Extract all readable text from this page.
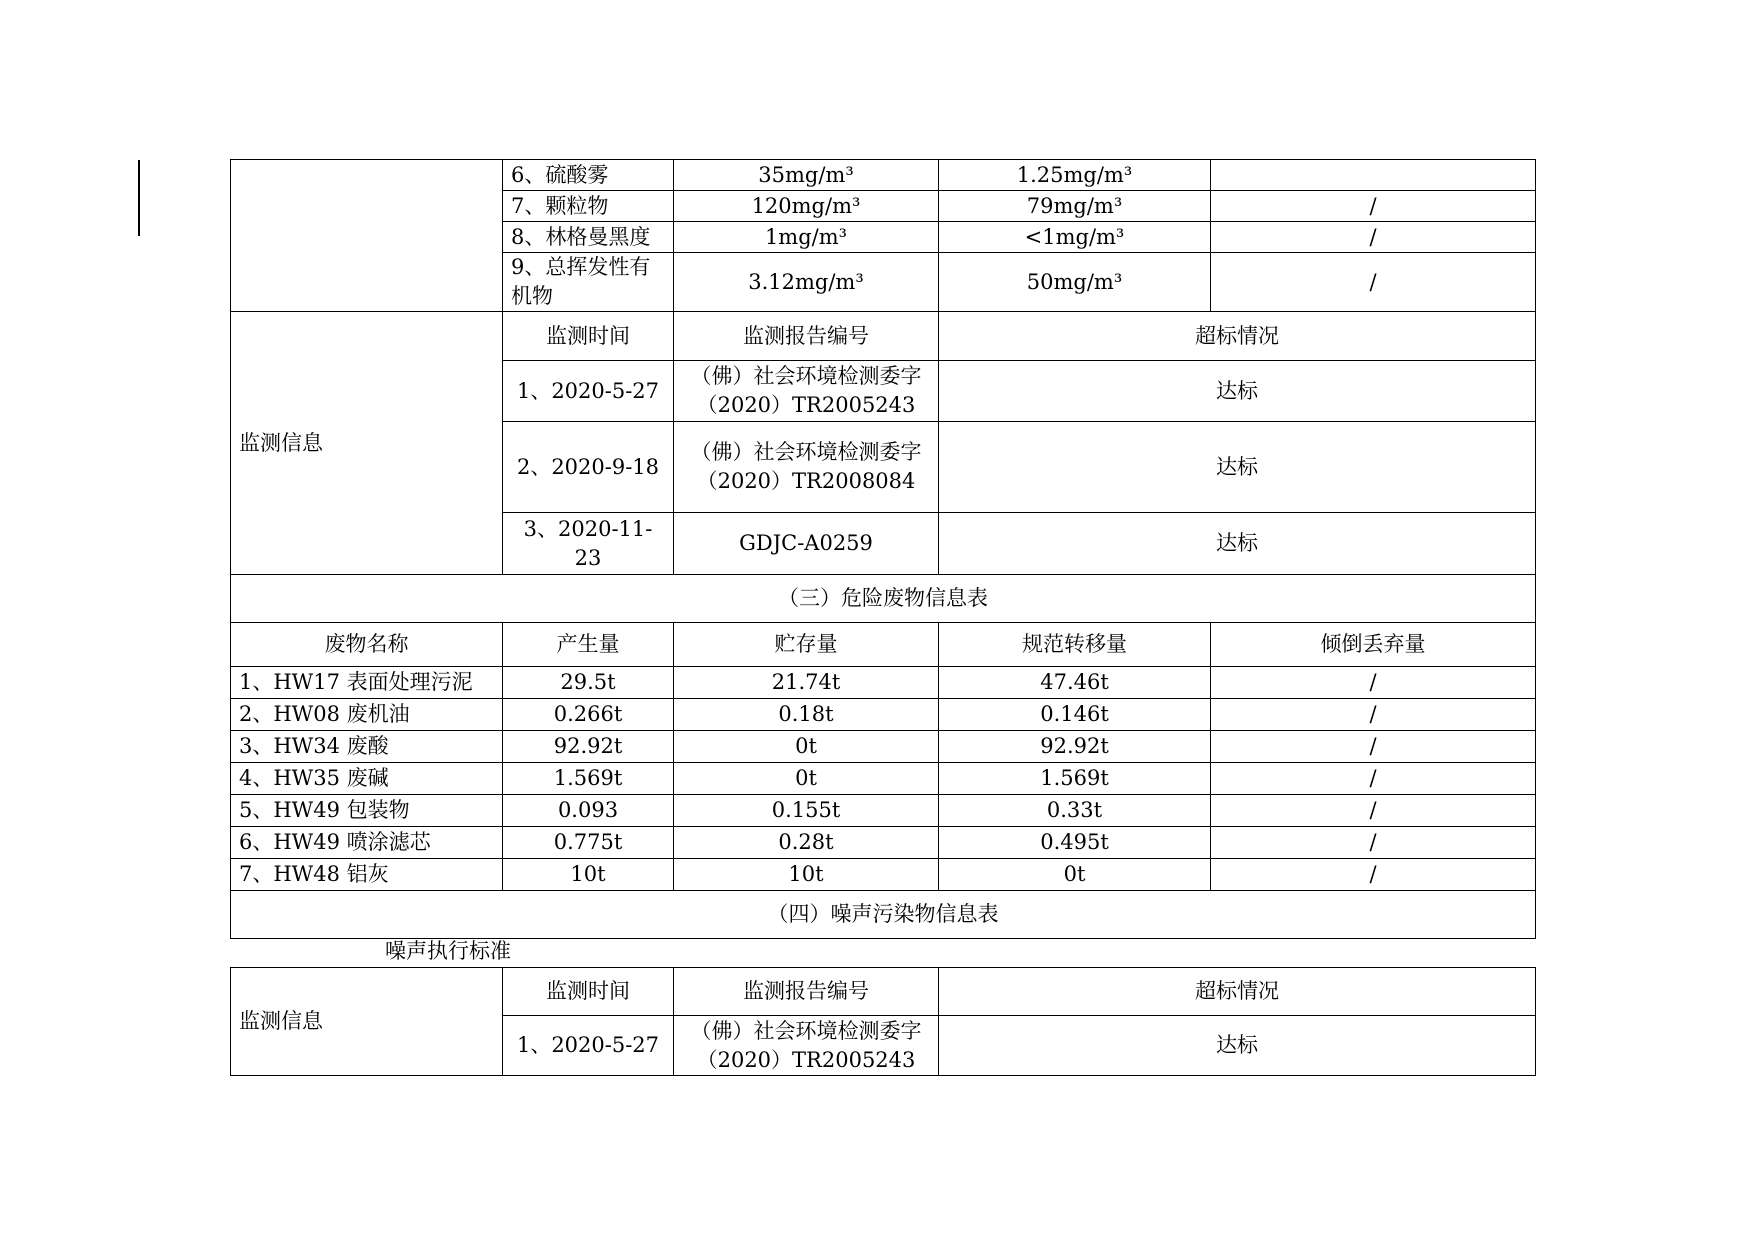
	6、硫酸雾	35mg/m³	1.25mg/m³	
	7、颗粒物	120mg/m³	79mg/m³	/
	8、林格曼黑度	1mg/m³	<1mg/m³	/
	9、总挥发性有机物	3.12mg/m³	50mg/m³	/
监测信息	监测时间	监测报告编号	超标情况	
	1、2020-5-27	（佛）社会环境检测委字（2020）TR2005243	达标	
	2、2020-9-18	（佛）社会环境检测委字（2020）TR2008084	达标	
	3、2020-11-23	GDJC-A0259	达标	
（三）危险废物信息表				
废物名称	产生量	贮存量	规范转移量	倾倒丢弃量
1、HW17 表面处理污泥	29.5t	21.74t	47.46t	/
2、HW08 废机油	0.266t	0.18t	0.146t	/
3、HW34 废酸	92.92t	0t	92.92t	/
4、HW35 废碱	1.569t	0t	1.569t	/
5、HW49 包装物	0.093	0.155t	0.33t	/
6、HW49 喷涂滤芯	0.775t	0.28t	0.495t	/
7、HW48 铝灰	10t	10t	0t	/
（四）噪声污染物信息表				
噪声执行标准
监测信息	监测时间	监测报告编号	超标情况
	1、2020-5-27	（佛）社会环境检测委字（2020）TR2005243	达标
